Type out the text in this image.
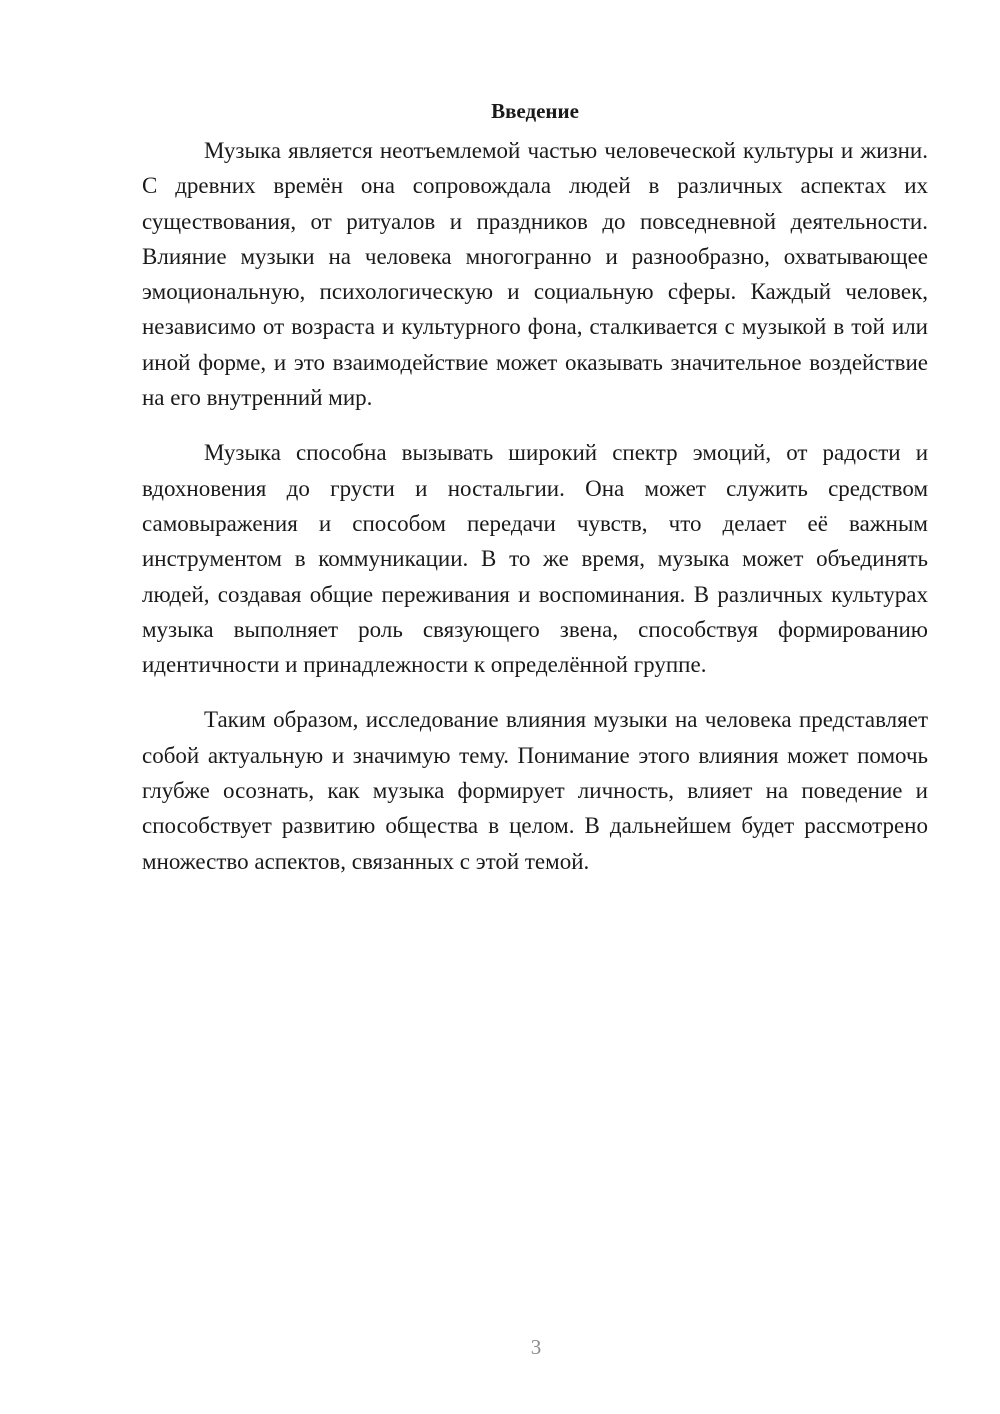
Введение

Музыка является неотъемлемой частью человеческой культуры и жизни. С древних времён она сопровождала людей в различных аспектах их существования, от ритуалов и праздников до повседневной деятельности. Влияние музыки на человека многогранно и разнообразно, охватывающее эмоциональную, психологическую и социальную сферы. Каждый человек, независимо от возраста и культурного фона, сталкивается с музыкой в той или иной форме, и это взаимодействие может оказывать значительное воздействие на его внутренний мир.

Музыка способна вызывать широкий спектр эмоций, от радости и вдохновения до грусти и ностальгии. Она может служить средством самовыражения и способом передачи чувств, что делает её важным инструментом в коммуникации. В то же время, музыка может объединять людей, создавая общие переживания и воспоминания. В различных культурах музыка выполняет роль связующего звена, способствуя формированию идентичности и принадлежности к определённой группе.

Таким образом, исследование влияния музыки на человека представляет собой актуальную и значимую тему. Понимание этого влияния может помочь глубже осознать, как музыка формирует личность, влияет на поведение и способствует развитию общества в целом. В дальнейшем будет рассмотрено множество аспектов, связанных с этой темой.

3
